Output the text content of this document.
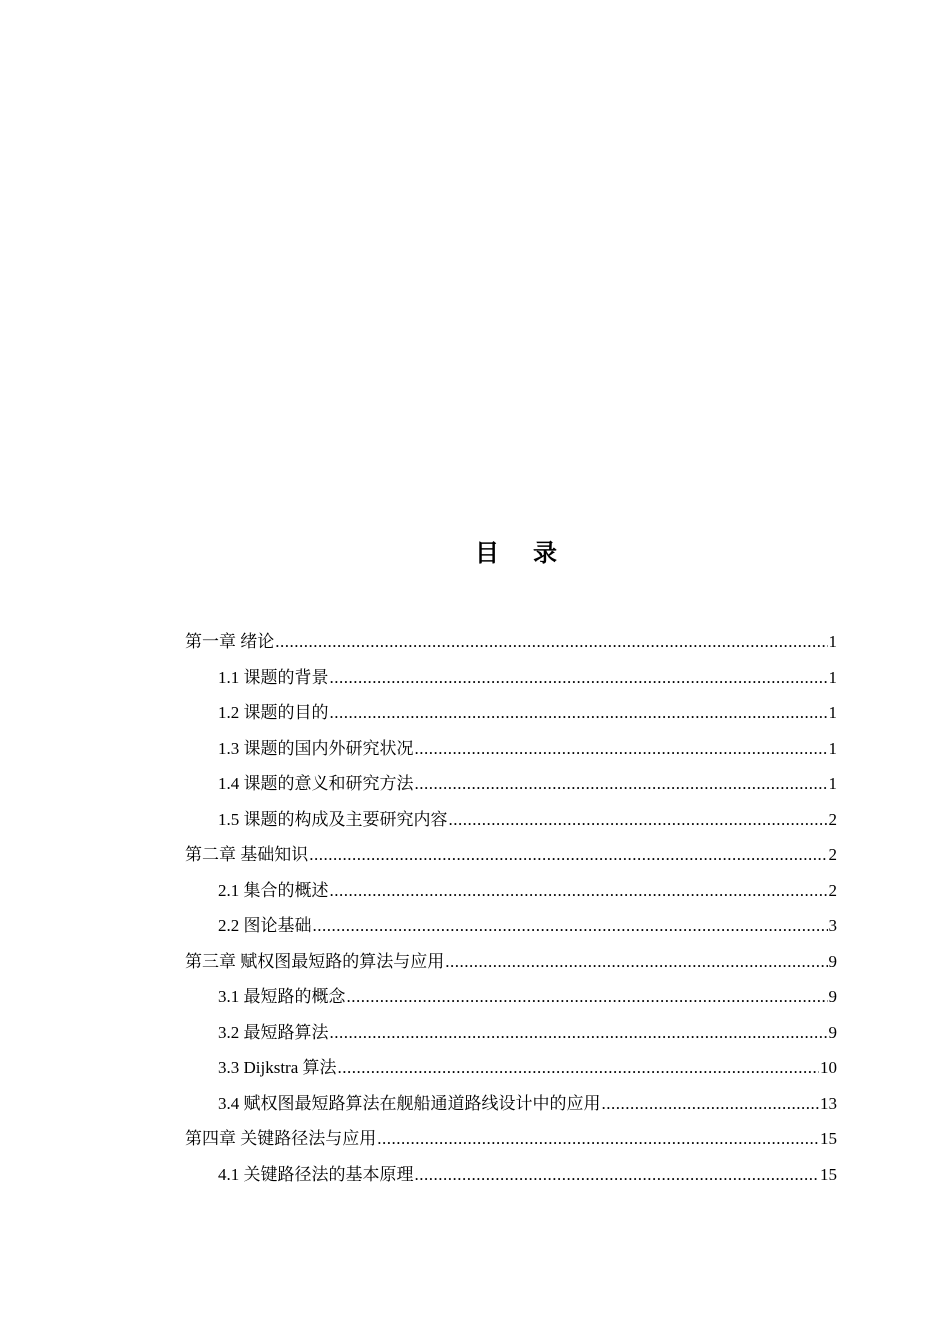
目 录
第一章 绪论 .....	1
1.1 课题的背景 .....	1
1.2 课题的目的 .....	1
1.3 课题的国内外研究状况 .....	1
1.4 课题的意义和研究方法 .....	1
1.5 课题的构成及主要研究内容 .....	2
第二章 基础知识 .....	2
2.1 集合的概述 .....	2
2.2 图论基础 .....	3
第三章 赋权图最短路的算法与应用 .....	9
3.1 最短路的概念 .....	9
3.2 最短路算法 .....	9
3.3 Dijkstra 算法 .....	10
3.4 赋权图最短路算法在舰船通道路线设计中的应用 .....	13
第四章 关键路径法与应用 .....	15
4.1 关键路径法的基本原理 .....	15
